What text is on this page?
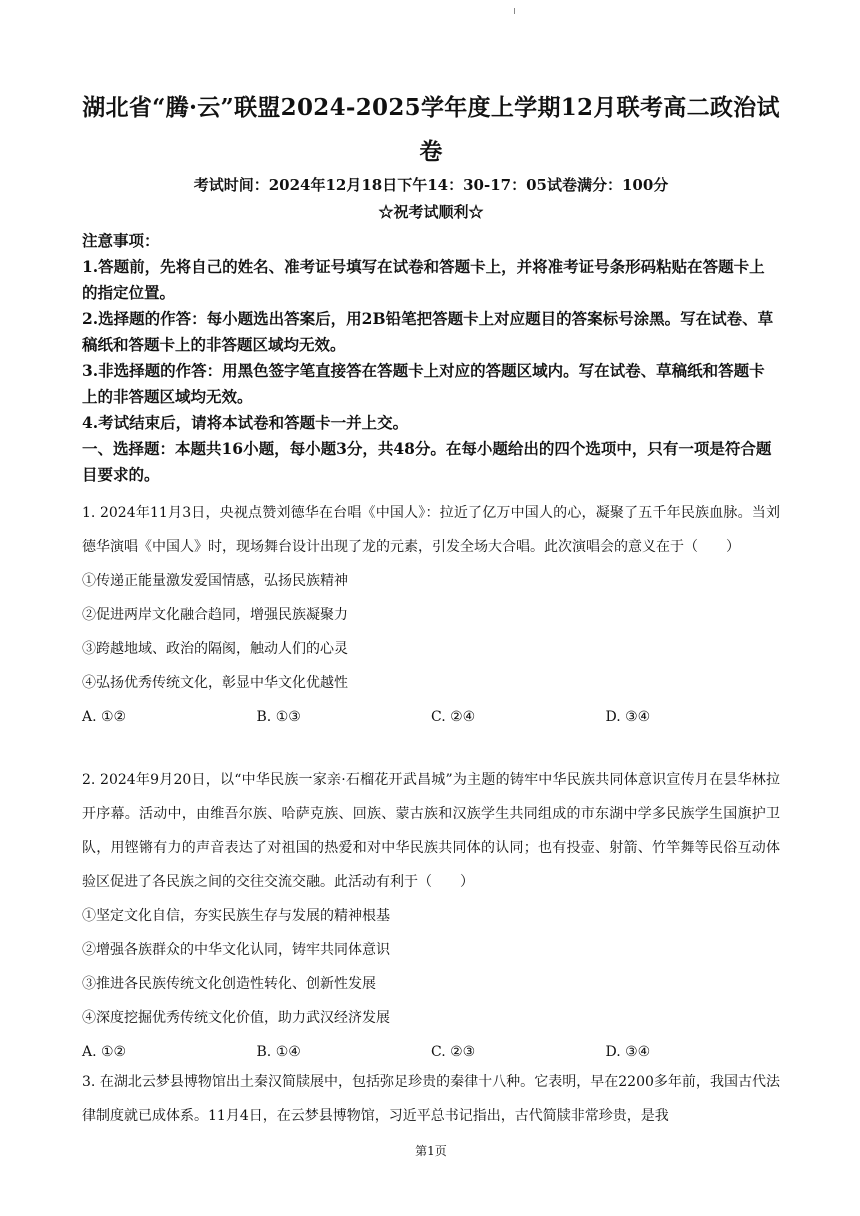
湖北省“腾·云”联盟2024-2025学年度上学期12月联考高二政治试卷
考试时间：2024年12月18日下午14：30-17：05试卷满分：100分
☆祝考试顺利☆

注意事项：

1.答题前，先将自己的姓名、准考证号填写在试卷和答题卡上，并将准考证号条形码粘贴在答题卡上的指定位置。

2.选择题的作答：每小题选出答案后，用2B铅笔把答题卡上对应题目的答案标号涂黑。写在试卷、草稿纸和答题卡上的非答题区域均无效。

3.非选择题的作答：用黑色签字笔直接答在答题卡上对应的答题区域内。写在试卷、草稿纸和答题卡上的非答题区域均无效。

4.考试结束后，请将本试卷和答题卡一并上交。

一、选择题：本题共16小题，每小题3分，共48分。在每小题给出的四个选项中，只有一项是符合题目要求的。

1. 2024年11月3日，央视点赞刘德华在台唱《中国人》：拉近了亿万中国人的心，凝聚了五千年民族血脉。当刘德华演唱《中国人》时，现场舞台设计出现了龙的元素，引发全场大合唱。此次演唱会的意义在于（　　）

①传递正能量激发爱国情感，弘扬民族精神

②促进两岸文化融合趋同，增强民族凝聚力

③跨越地域、政治的隔阂，触动人们的心灵

④弘扬优秀传统文化，彰显中华文化优越性

A. ①②	B. ①③	C. ②④	D. ③④

2. 2024年9月20日，以“中华民族一家亲·石榴花开武昌城”为主题的铸牢中华民族共同体意识宣传月在昙华林拉开序幕。活动中，由维吾尔族、哈萨克族、回族、蒙古族和汉族学生共同组成的市东湖中学多民族学生国旗护卫队，用铿锵有力的声音表达了对祖国的热爱和对中华民族共同体的认同；也有投壶、射箭、竹竿舞等民俗互动体验区促进了各民族之间的交往交流交融。此活动有利于（　　）

①坚定文化自信，夯实民族生存与发展的精神根基

②增强各族群众的中华文化认同，铸牢共同体意识

③推进各民族传统文化创造性转化、创新性发展

④深度挖掘优秀传统文化价值，助力武汉经济发展

A. ①②	B. ①④	C. ②③	D. ③④

3. 在湖北云梦县博物馆出土秦汉简牍展中，包括弥足珍贵的秦律十八种。它表明，早在2200多年前，我国古代法律制度就已成体系。11月4日，在云梦县博物馆，习近平总书记指出，古代简牍非常珍贵，是我

第1页
